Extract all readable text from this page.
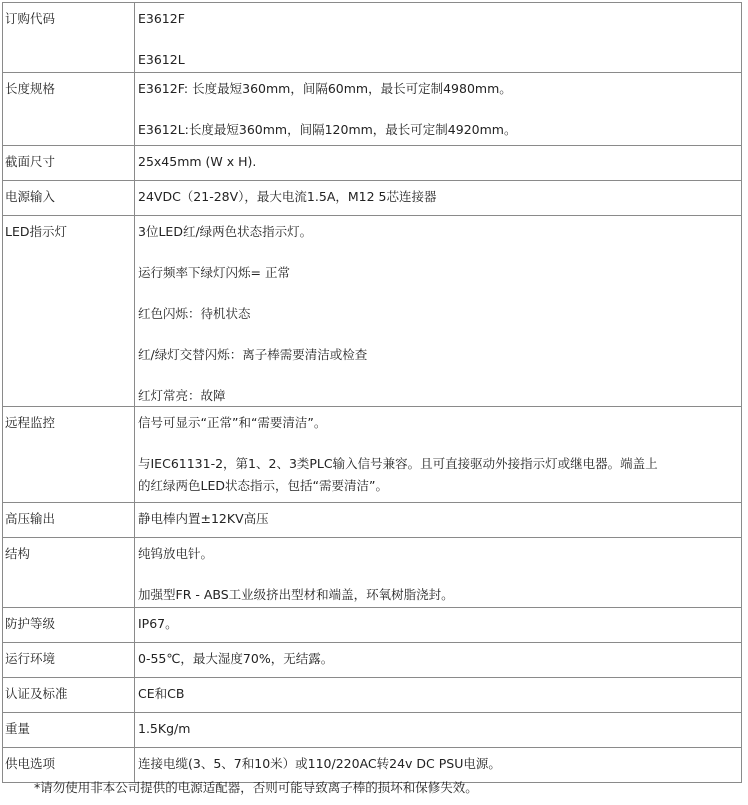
订购代码	E3612F

E3612L

长度规格	E3612F: 长度最短360mm，间隔60mm，最长可定制4980mm。

E3612L:长度最短360mm，间隔120mm，最长可定制4920mm。

截面尺寸	25x45mm (W x H).

电源输入	24VDC（21-28V），最大电流1.5A，M12 5芯连接器

LED指示灯	3位LED红/绿两色状态指示灯。

运行频率下绿灯闪烁= 正常

红色闪烁：待机状态

红/绿灯交替闪烁：离子棒需要清洁或检查

红灯常亮：故障

远程监控	信号可显示“正常”和“需要清洁”。

与IEC61131-2，第1、2、3类PLC输入信号兼容。且可直接驱动外接指示灯或继电器。端盖上

的红绿两色LED状态指示，包括“需要清洁”。

高压输出	静电棒内置±12KV高压

结构	纯钨放电针。

加强型FR - ABS工业级挤出型材和端盖，环氧树脂浇封。

防护等级	IP67。

运行环境	0-55℃，最大湿度70%，无结露。

认证及标准	CE和CB

重量	1.5Kg/m

供电选项	连接电缆(3、5、7和10米）或110/220AC转24v DC PSU电源。

*请勿使用非本公司提供的电源适配器，否则可能导致离子棒的损坏和保修失效。
